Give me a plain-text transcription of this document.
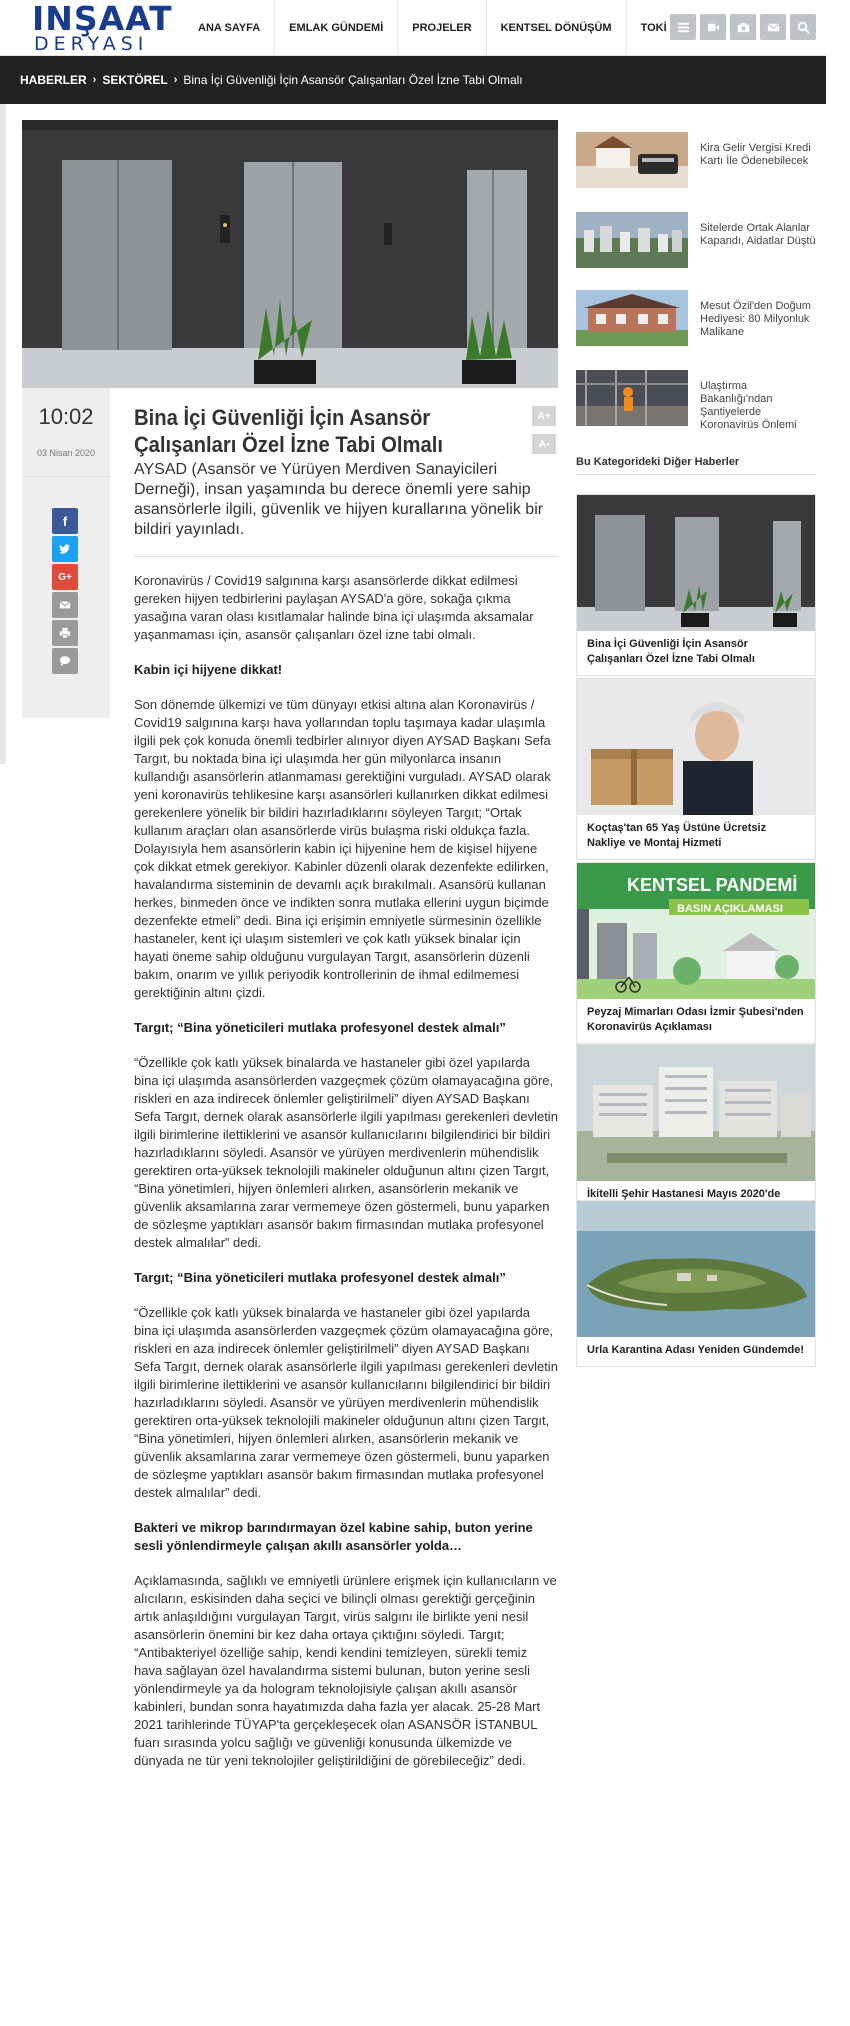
INŞAAT
DERYASI
ANA SAYFA	EMLAK GÜNDEMİ	PROJELER	KENTSEL DÖNÜŞÜM	TOKİ
HABERLER › SEKTÖREL › Bina İçi Güvenliği İçin Asansör Çalışanları Özel İzne Tabi Olmalı
10:02
03 Nisan 2020
f
G+
Bina İçi Güvenliği İçin Asansör Çalışanları Özel İzne Tabi Olmalı
A+
A-
AYSAD (Asansör ve Yürüyen Merdiven Sanayicileri Derneği), insan yaşamında bu derece önemli yere sahip asansörlerle ilgili, güvenlik ve hijyen kurallarına yönelik bir bildiri yayınladı.

Koronavirüs / Covid19 salgınına karşı asansörlerde dikkat edilmesi gereken hijyen tedbirlerini paylaşan AYSAD'a göre, sokağa çıkma yasağına varan olası kısıtlamalar halinde bina içi ulaşımda aksamalar yaşanmaması için, asansör çalışanları özel izne tabi olmalı.

Kabin içi hijyene dikkat!

Son dönemde ülkemizi ve tüm dünyayı etkisi altına alan Koronavirüs / Covid19 salgınına karşı hava yollarından toplu taşımaya kadar ulaşımla ilgili pek çok konuda önemli tedbirler alınıyor diyen AYSAD Başkanı Sefa Targıt, bu noktada bina içi ulaşımda her gün milyonlarca insanın kullandığı asansörlerin atlanmaması gerektiğini vurguladı. AYSAD olarak yeni koronavirüs tehlikesine karşı asansörleri kullanırken dikkat edilmesi gerekenlere yönelik bir bildiri hazırladıklarını söyleyen Targıt; “Ortak kullanım araçları olan asansörlerde virüs bulaşma riski oldukça fazla. Dolayısıyla hem asansörlerin kabin içi hijyenine hem de kişisel hijyene çok dikkat etmek gerekiyor. Kabinler düzenli olarak dezenfekte edilirken, havalandırma sisteminin de devamlı açık bırakılmalı. Asansörü kullanan herkes, binmeden önce ve indikten sonra mutlaka ellerini uygun biçimde dezenfekte etmeli” dedi. Bina içi erişimin emniyetle sürmesinin özellikle hastaneler, kent içi ulaşım sistemleri ve çok katlı yüksek binalar için hayati öneme sahip olduğunu vurgulayan Targıt, asansörlerin düzenli bakım, onarım ve yıllık periyodik kontrollerinin de ihmal edilmemesi gerektiğinin altını çizdi.

Targıt; “Bina yöneticileri mutlaka profesyonel destek almalı”

“Özellikle çok katlı yüksek binalarda ve hastaneler gibi özel yapılarda bina içi ulaşımda asansörlerden vazgeçmek çözüm olamayacağına göre, riskleri en aza indirecek önlemler geliştirilmeli” diyen AYSAD Başkanı Sefa Targıt, dernek olarak asansörlerle ilgili yapılması gerekenleri devletin ilgili birimlerine ilettiklerini ve asansör kullanıcılarını bilgilendirici bir bildiri hazırladıklarını söyledi. Asansör ve yürüyen merdivenlerin mühendislik gerektiren orta-yüksek teknolojili makineler olduğunun altını çizen Targıt, “Bina yönetimleri, hijyen önlemleri alırken, asansörlerin mekanik ve güvenlik aksamlarına zarar vermemeye özen göstermeli, bunu yaparken de sözleşme yaptıkları asansör bakım firmasından mutlaka profesyonel destek almalılar” dedi.

Targıt; “Bina yöneticileri mutlaka profesyonel destek almalı”

“Özellikle çok katlı yüksek binalarda ve hastaneler gibi özel yapılarda bina içi ulaşımda asansörlerden vazgeçmek çözüm olamayacağına göre, riskleri en aza indirecek önlemler geliştirilmeli” diyen AYSAD Başkanı Sefa Targıt, dernek olarak asansörlerle ilgili yapılması gerekenleri devletin ilgili birimlerine ilettiklerini ve asansör kullanıcılarını bilgilendirici bir bildiri hazırladıklarını söyledi. Asansör ve yürüyen merdivenlerin mühendislik gerektiren orta-yüksek teknolojili makineler olduğunun altını çizen Targıt, “Bina yönetimleri, hijyen önlemleri alırken, asansörlerin mekanik ve güvenlik aksamlarına zarar vermemeye özen göstermeli, bunu yaparken de sözleşme yaptıkları asansör bakım firmasından mutlaka profesyonel destek almalılar” dedi.

Bakteri ve mikrop barındırmayan özel kabine sahip, buton yerine sesli yönlendirmeyle çalışan akıllı asansörler yolda…

Açıklamasında, sağlıklı ve emniyetli ürünlere erişmek için kullanıcıların ve alıcıların, eskisinden daha seçici ve bilinçli olması gerektiği gerçeğinin artık anlaşıldığını vurgulayan Targıt, virüs salgını ile birlikte yeni nesil asansörlerin önemini bir kez daha ortaya çıktığını söyledi. Targıt; “Antibakteriyel özelliğe sahip, kendi kendini temizleyen, sürekli temiz hava sağlayan özel havalandırma sistemi bulunan, buton yerine sesli yönlendirmeyle ya da hologram teknolojisiyle çalışan akıllı asansör kabinleri, bundan sonra hayatımızda daha fazla yer alacak. 25-28 Mart 2021 tarihlerinde TÜYAP'ta gerçekleşecek olan ASANSÖR İSTANBUL fuarı sırasında yolcu sağlığı ve güvenliği konusunda ülkemizde ve dünyada ne tür yeni teknolojiler geliştirildiğini de görebileceğiz” dedi.

Kira Gelir Vergisi Kredi Kartı İle Ödenebilecek
Sitelerde Ortak Alanlar Kapandı, Aidatlar Düştü
Mesut Özil'den Doğum Hediyesi: 80 Milyonluk Malikane
Ulaştırma Bakanlığı'ndan Şantiyelerde Koronavirüs Önlemi
Bu Kategorideki Diğer Haberler
Bina İçi Güvenliği İçin Asansör Çalışanları Özel İzne Tabi Olmalı
Koçtaş'tan 65 Yaş Üstüne Ücretsiz Nakliye ve Montaj Hizmeti
KENTSEL PANDEMİ
BASIN AÇIKLAMASI
Peyzaj Mimarları Odası İzmir Şubesi'nden Koronavirüs Açıklaması
İkitelli Şehir Hastanesi Mayıs 2020'de
Urla Karantina Adası Yeniden Gündemde!
